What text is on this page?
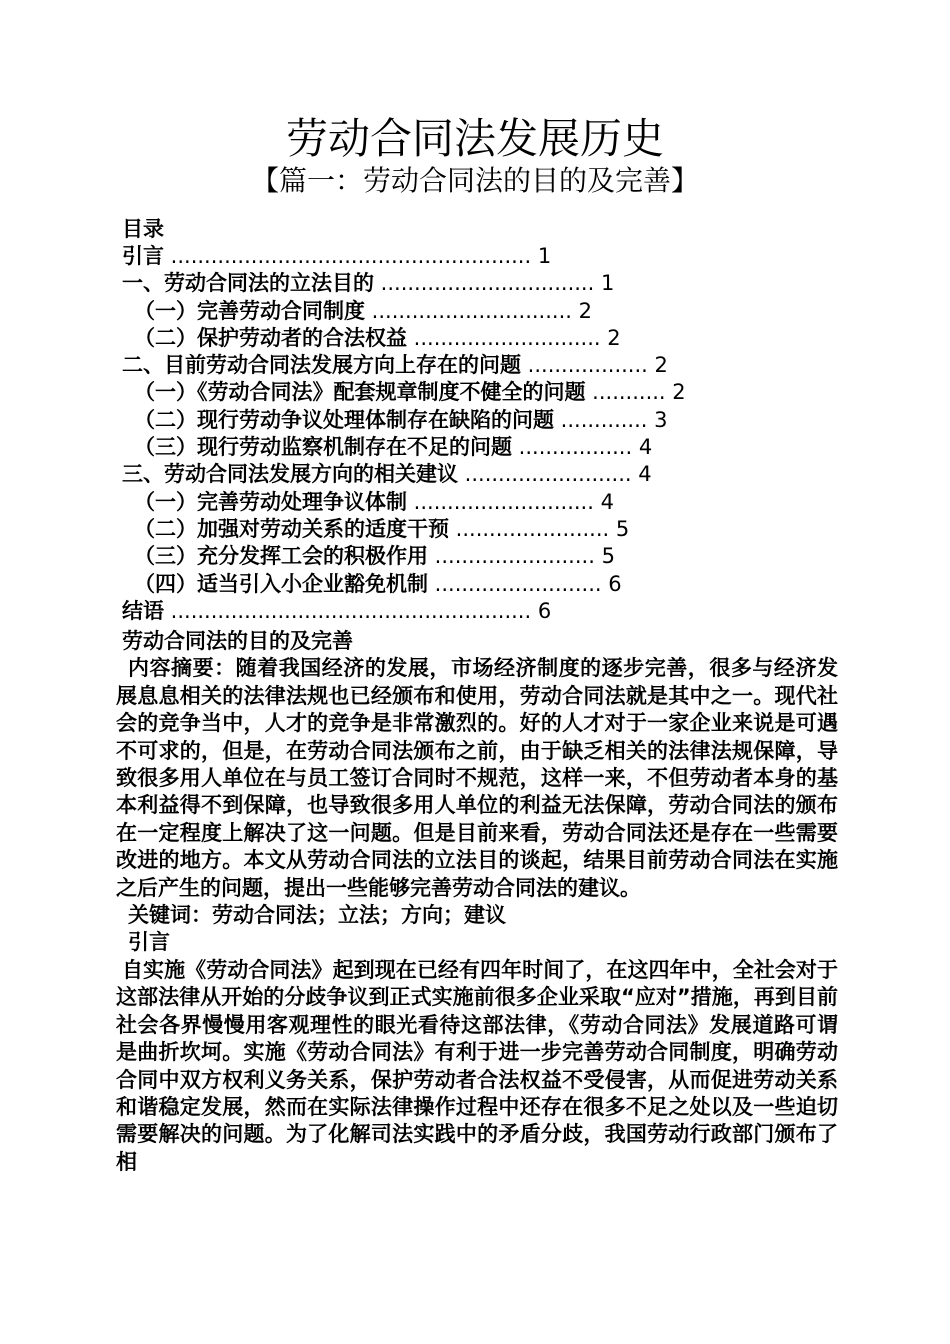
劳动合同法发展历史
【篇一：劳动合同法的目的及完善】
目录
引言 ...................................................... 1
一、劳动合同法的立法目的 ................................ 1
（一）完善劳动合同制度 .............................. 2
（二）保护劳动者的合法权益 ............................ 2
二、目前劳动合同法发展方向上存在的问题 .................. 2
（一）《劳动合同法》配套规章制度不健全的问题 ........... 2
（二）现行劳动争议处理体制存在缺陷的问题 ............. 3
（三）现行劳动监察机制存在不足的问题 ................. 4
三、劳动合同法发展方向的相关建议 ......................... 4
（一）完善劳动处理争议体制 ........................... 4
（二）加强对劳动关系的适度干预 ....................... 5
（三）充分发挥工会的积极作用 ........................ 5
（四）适当引入小企业豁免机制 ......................... 6
结语 ...................................................... 6

劳动合同法的目的及完善

内容摘要：随着我国经济的发展，市场经济制度的逐步完善，很多与经济发展息息相关的法律法规也已经颁布和使用，劳动合同法就是其中之一。现代社会的竞争当中，人才的竞争是非常激烈的。好的人才对于一家企业来说是可遇不可求的，但是，在劳动合同法颁布之前，由于缺乏相关的法律法规保障，导致很多用人单位在与员工签订合同时不规范，这样一来，不但劳动者本身的基本利益得不到保障，也导致很多用人单位的利益无法保障，劳动合同法的颁布在一定程度上解决了这一问题。但是目前来看，劳动合同法还是存在一些需要改进的地方。本文从劳动合同法的立法目的谈起，结果目前劳动合同法在实施之后产生的问题，提出一些能够完善劳动合同法的建议。

关键词：劳动合同法；立法；方向；建议

引言

自实施《劳动合同法》起到现在已经有四年时间了，在这四年中，全社会对于这部法律从开始的分歧争议到正式实施前很多企业采取“应对”措施，再到目前社会各界慢慢用客观理性的眼光看待这部法律，《劳动合同法》发展道路可谓是曲折坎坷。实施《劳动合同法》有利于进一步完善劳动合同制度，明确劳动合同中双方权利义务关系，保护劳动者合法权益不受侵害，从而促进劳动关系和谐稳定发展，然而在实际法律操作过程中还存在很多不足之处以及一些迫切需要解决的问题。为了化解司法实践中的矛盾分歧，我国劳动行政部门颁布了相
